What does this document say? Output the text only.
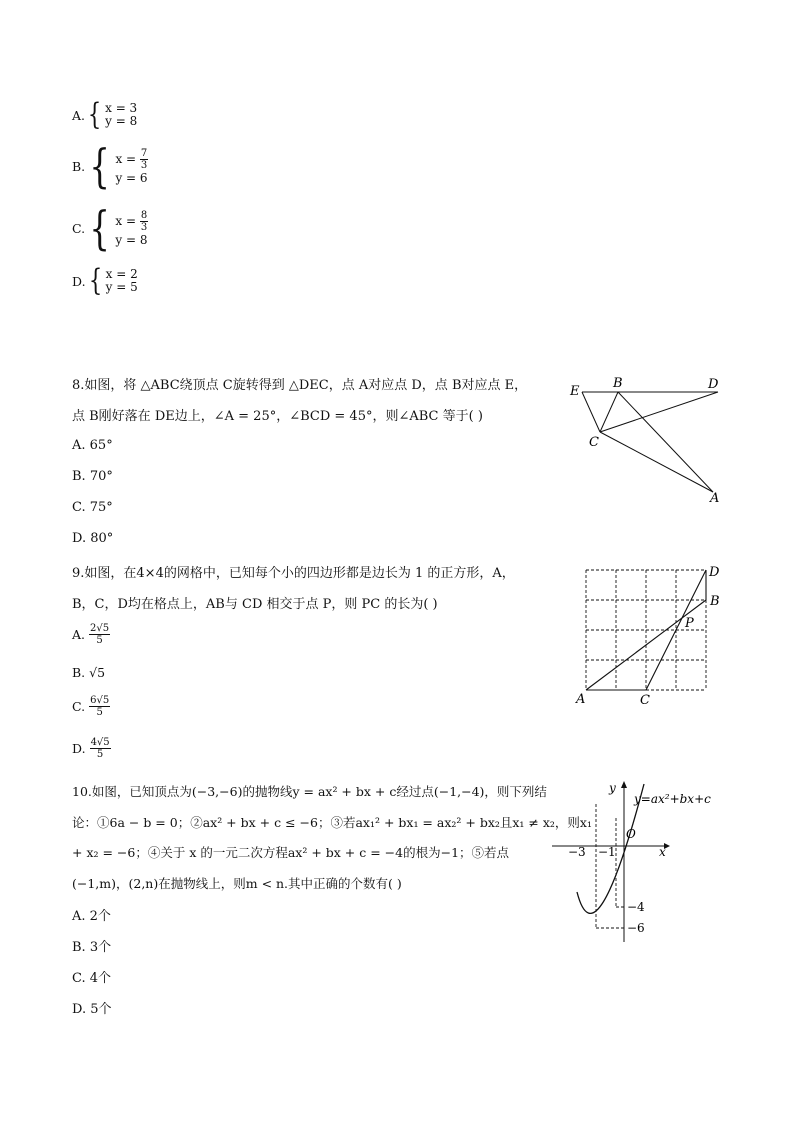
A. { x = 3
y = 8
B. { $x = \frac{7}{3}$
y = 6
C. { $x = \frac{8}{3}$
y = 8
D. { x = 2
y = 5
8.如图，将 △ABC绕顶点 C旋转得到 △DEC，点 A对应点 D，点 B对应点 E，
点 B刚好落在 DE边上，∠A = 25°，∠BCD = 45°，则∠ABC 等于( )
A. 65°
B. 70°
C. 75°
D. 80°
E
B	D
C
A
9.如图，在4×4的网格中，已知每个小的四边形都是边长为 1 的正方形，A，
B，C，D均在格点上，AB与 CD 相交于点 P，则 PC 的长为( )
A. $\frac{2√5}{5}$
B. √5
C. $\frac{6√5}{5}$
D. $\frac{4√5}{5}$
A	C
D
B
P
10.如图，已知顶点为(−3,−6)的抛物线y = ax² + bx + c经过点(−1,−4)，则下列结
论：①6a − b = 0；②ax² + bx + c ≤ −6；③若ax₁² + bx₁ = ax₂² + bx₂且x₁ ≠ x₂，则x₁
+ x₂ = −6；④关于 x 的一元二次方程ax² + bx + c = −4的根为−1；⑤若点
(−1,m)，(2,n)在抛物线上，则m < n.其中正确的个数有( )
A. 2个
B. 3个
C. 4个
D. 5个
−3 −1
−4
−6
O
x
y
y=ax²+bx+c
